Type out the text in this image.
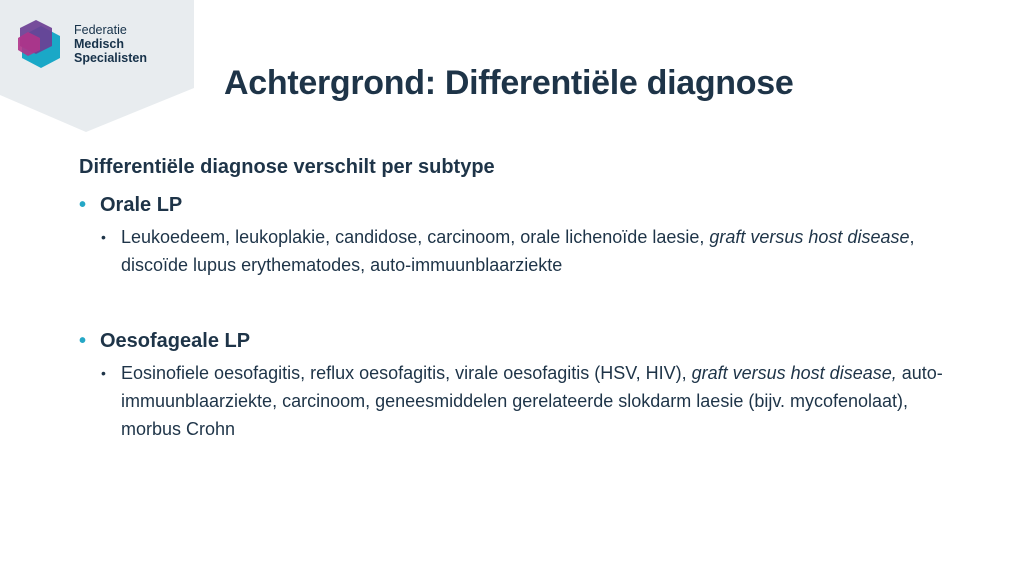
Federatie
Medisch
Specialisten
Achtergrond: Differentiële diagnose

Differentiële diagnose verschilt per subtype

• Orale LP

• Leukoedeem, leukoplakie, candidose, carcinoom, orale lichenoïde laesie, graft versus host disease, discoïde lupus erythematodes, auto-immuunblaarziekte

• Oesofageale LP

• Eosinofiele oesofagitis, reflux oesofagitis, virale oesofagitis (HSV, HIV), graft versus host disease, auto-immuunblaarziekte, carcinoom, geneesmiddelen gerelateerde slokdarm laesie (bijv. mycofenolaat), morbus Crohn
